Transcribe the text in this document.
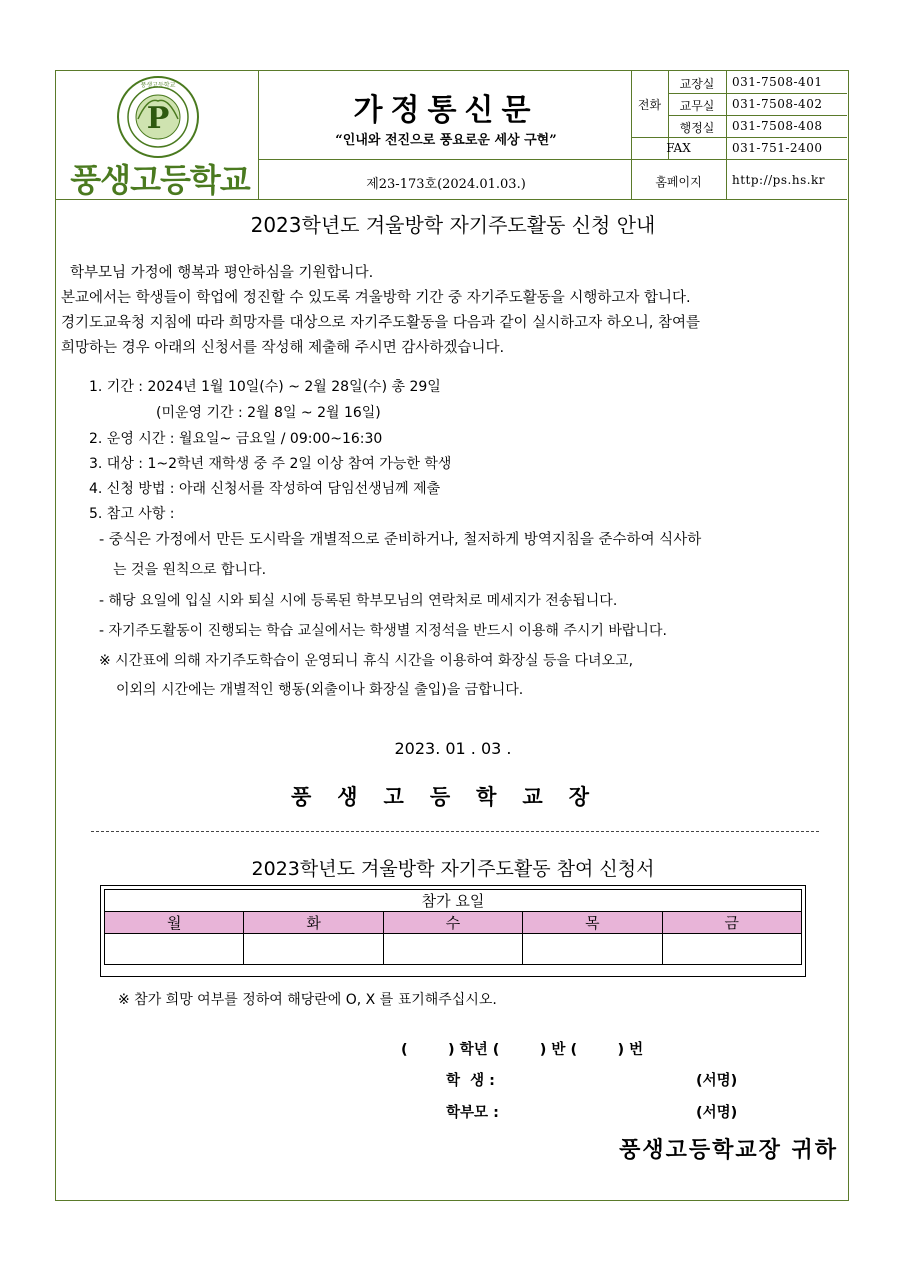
P
풍생고등학교
풍생고등학교
가정통신문
“인내와 전진으로 풍요로운 세상 구현”
제23-173호(2024.01.03.)
전화
교장실	031-7508-401
교무실	031-7508-402
행정실	031-7508-408
FAX	031-751-2400
홈페이지	http://ps.hs.kr
2023학년도 겨울방학 자기주도활동 신청 안내
학부모님 가정에 행복과 평안하심을 기원합니다.
본교에서는 학생들이 학업에 정진할 수 있도록 겨울방학 기간 중 자기주도활동을 시행하고자 합니다.
경기도교육청 지침에 따라 희망자를 대상으로 자기주도활동을 다음과 같이 실시하고자 하오니, 참여를
희망하는 경우 아래의 신청서를 작성해 제출해 주시면 감사하겠습니다.
1. 기간 : 2024년 1월 10일(수) ~ 2월 28일(수) 총 29일
(미운영 기간 : 2월 8일 ~ 2월 16일)
2. 운영 시간 : 월요일~ 금요일 / 09:00~16:30
3. 대상 : 1~2학년 재학생 중 주 2일 이상 참여 가능한 학생
4. 신청 방법 : 아래 신청서를 작성하여 담임선생님께 제출
5. 참고 사항 :
- 중식은 가정에서 만든 도시락을 개별적으로 준비하거나, 철저하게 방역지침을 준수하여 식사하
는 것을 원칙으로 합니다.
- 해당 요일에 입실 시와 퇴실 시에 등록된 학부모님의 연락처로 메세지가 전송됩니다.
- 자기주도활동이 진행되는 학습 교실에서는 학생별 지정석을 반드시 이용해 주시기 바랍니다.
※ 시간표에 의해 자기주도학습이 운영되니 휴식 시간을 이용하여 화장실 등을 다녀오고,
이외의 시간에는 개별적인 행동(외출이나 화장실 출입)을 금합니다.
2023. 01 . 03 .
풍생고등학교장
2023학년도 겨울방학 자기주도활동 참여 신청서
참가 요일				
월	화	수	목	금

※ 참가 희망 여부를 정하여 해당란에 O, X 를 표기해주십시오.
(        ) 학년 (        ) 반 (        ) 번
학  생 :	(서명)
학부모 :	(서명)
풍생고등학교장 귀하
